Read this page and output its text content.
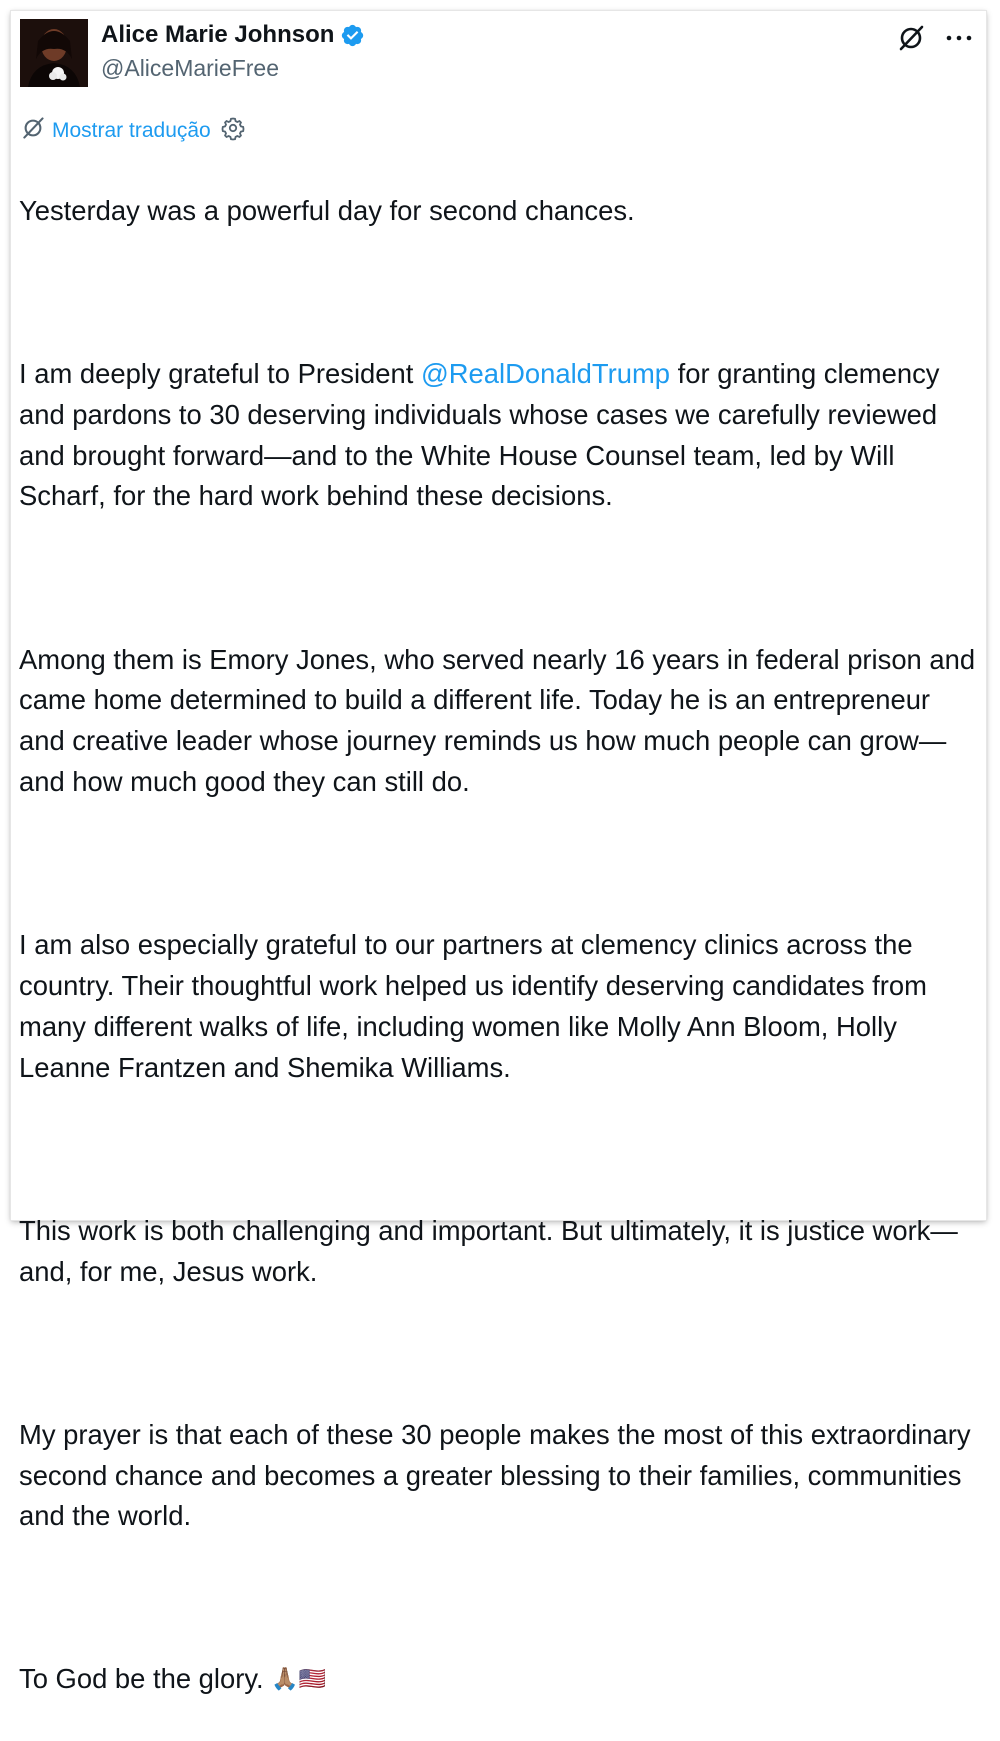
Alice Marie Johnson
@AliceMarieFree
Mostrar tradução

Yesterday was a powerful day for second chances.

I am deeply grateful to President @RealDonaldTrump for granting clemency and pardons to 30 deserving individuals whose cases we carefully reviewed and brought forward—and to the White House Counsel team, led by Will Scharf, for the hard work behind these decisions.

Among them is Emory Jones, who served nearly 16 years in federal prison and came home determined to build a different life. Today he is an entrepreneur and creative leader whose journey reminds us how much people can grow—and how much good they can still do.

I am also especially grateful to our partners at clemency clinics across the country. Their thoughtful work helped us identify deserving candidates from many different walks of life, including women like Molly Ann Bloom, Holly Leanne Frantzen and Shemika Williams.

This work is both challenging and important. But ultimately, it is justice work—and, for me, Jesus work.

My prayer is that each of these 30 people makes the most of this extraordinary second chance and becomes a greater blessing to their families, communities and the world.

To God be the glory. 🙏🏽🇺🇸
